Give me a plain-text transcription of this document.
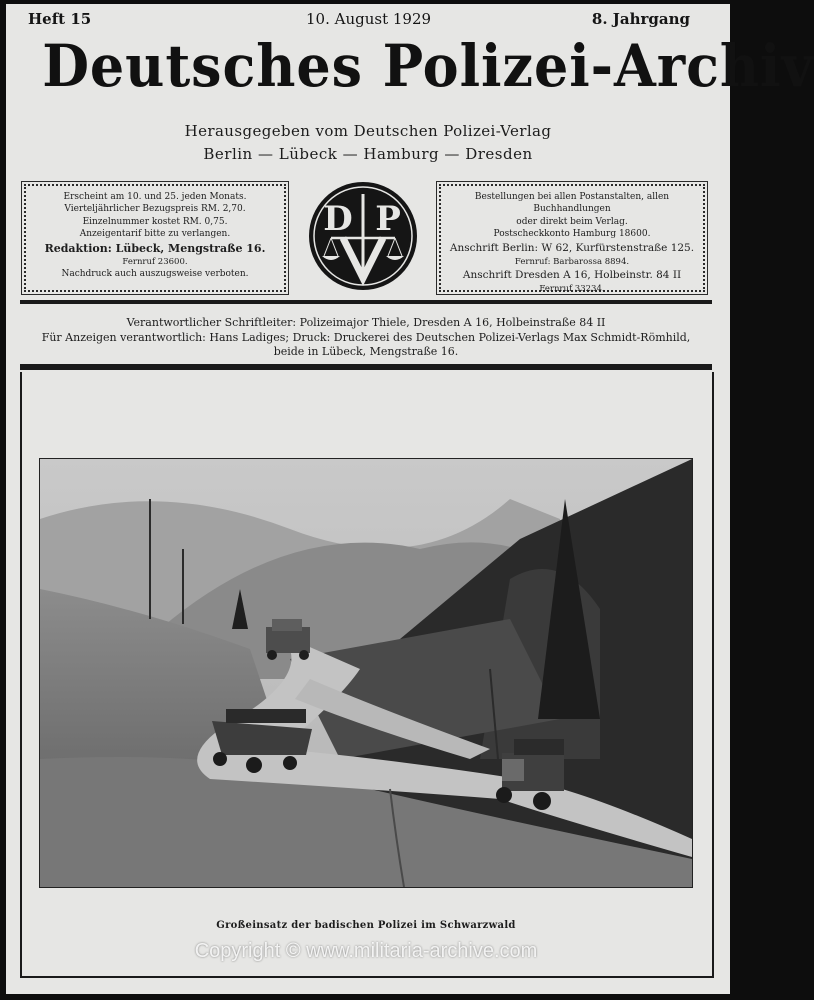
Heft 15	10. August 1929	8. Jahrgang
Deutsches Polizei-Archiv
Herausgegeben vom Deutschen Polizei-Verlag
Berlin — Lübeck — Hamburg — Dresden
Erscheint am 10. und 25. jeden Monats.
Vierteljährlicher Bezugspreis RM. 2,70.
Einzelnummer kostet RM. 0,75.
Anzeigentarif bitte zu verlangen.
Redaktion: Lübeck, Mengstraße 16.
Fernruf 23600.
Nachdruck auch auszugsweise verboten.
D P
Bestellungen bei allen Postanstalten, allen Buchhandlungen
oder direkt beim Verlag.
Postscheckkonto Hamburg 18600.
Anschrift Berlin: W 62, Kurfürstenstraße 125.
Fernruf: Barbarossa 8894.
Anschrift Dresden A 16, Holbeinstr. 84 II
Fernruf 33234.
Verantwortlicher Schriftleiter: Polizeimajor Thiele, Dresden A 16, Holbeinstraße 84 II
Für Anzeigen verantwortlich: Hans Ladiges; Druck: Druckerei des Deutschen Polizei-Verlags Max Schmidt-Römhild,
beide in Lübeck, Mengstraße 16.
Großeinsatz der badischen Polizei im Schwarzwald
Copyright © www.militaria-archive.com
